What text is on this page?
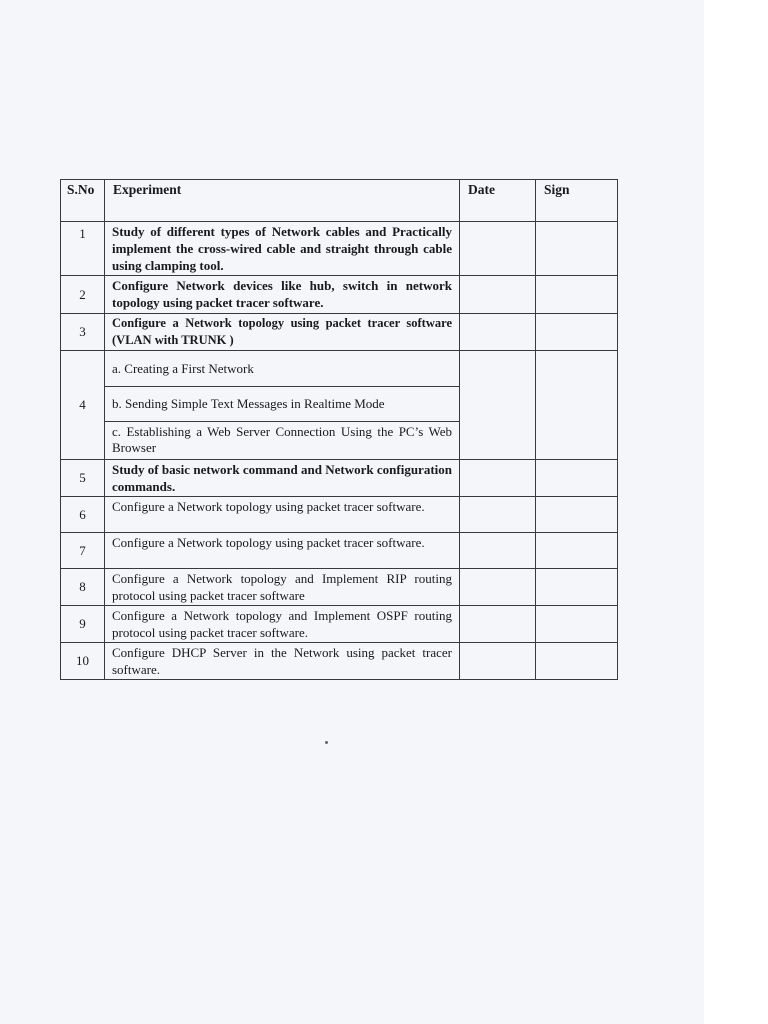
S.No	Experiment	Date	Sign
1	Study of different types of Network cables and Practically implement the cross-wired cable and straight through cable using clamping tool.		
2	Configure Network devices like hub, switch in network topology using packet tracer software.		
3	Configure a Network topology using packet tracer software (VLAN with TRUNK )		
4	a. Creating a First Network
b. Sending Simple Text Messages in Realtime Mode
c. Establishing a Web Server Connection Using the PC’s Web Browser		

5	Study of basic network command and Network configuration commands.		
6	Configure a Network topology using packet tracer software.		
7	Configure a Network topology using packet tracer software.		
8	Configure a Network topology and Implement RIP routing protocol using packet tracer software		
9	Configure a Network topology and Implement OSPF routing protocol using packet tracer software.		
10	Configure DHCP Server in the Network using packet tracer software.		
